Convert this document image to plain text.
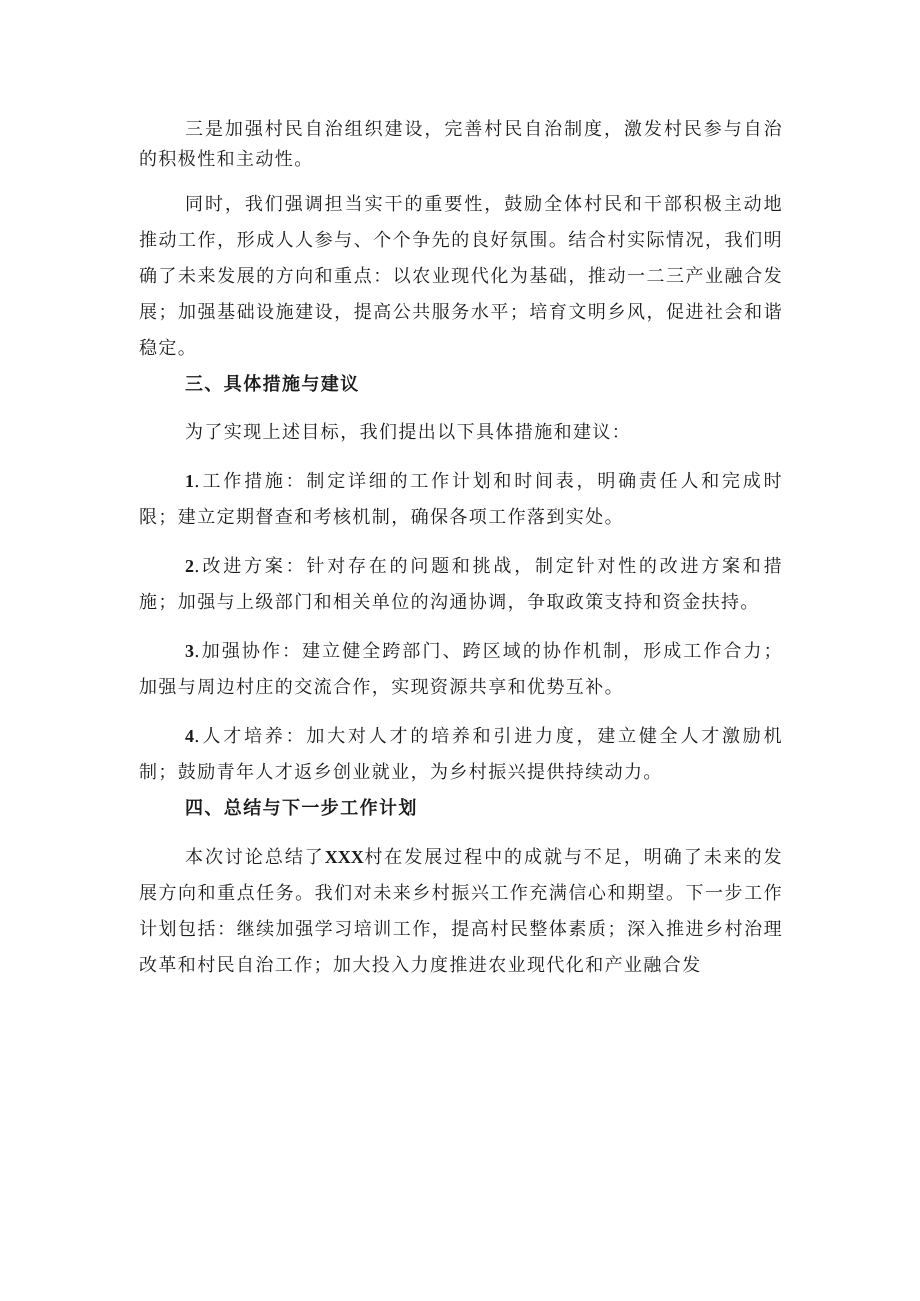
三是加强村民自治组织建设，完善村民自治制度，激发村民参与自治的积极性和主动性。

同时，我们强调担当实干的重要性，鼓励全体村民和干部积极主动地推动工作，形成人人参与、个个争先的良好氛围。结合村实际情况，我们明确了未来发展的方向和重点：以农业现代化为基础，推动一二三产业融合发展；加强基础设施建设，提高公共服务水平；培育文明乡风，促进社会和谐稳定。

三、具体措施与建议

为了实现上述目标，我们提出以下具体措施和建议：

1.工作措施：制定详细的工作计划和时间表，明确责任人和完成时限；建立定期督查和考核机制，确保各项工作落到实处。

2.改进方案：针对存在的问题和挑战，制定针对性的改进方案和措施；加强与上级部门和相关单位的沟通协调，争取政策支持和资金扶持。

3.加强协作：建立健全跨部门、跨区域的协作机制，形成工作合力；加强与周边村庄的交流合作，实现资源共享和优势互补。

4.人才培养：加大对人才的培养和引进力度，建立健全人才激励机制；鼓励青年人才返乡创业就业，为乡村振兴提供持续动力。

四、总结与下一步工作计划

本次讨论总结了XXX村在发展过程中的成就与不足，明确了未来的发展方向和重点任务。我们对未来乡村振兴工作充满信心和期望。下一步工作计划包括：继续加强学习培训工作，提高村民整体素质；深入推进乡村治理改革和村民自治工作；加大投入力度推进农业现代化和产业融合发
